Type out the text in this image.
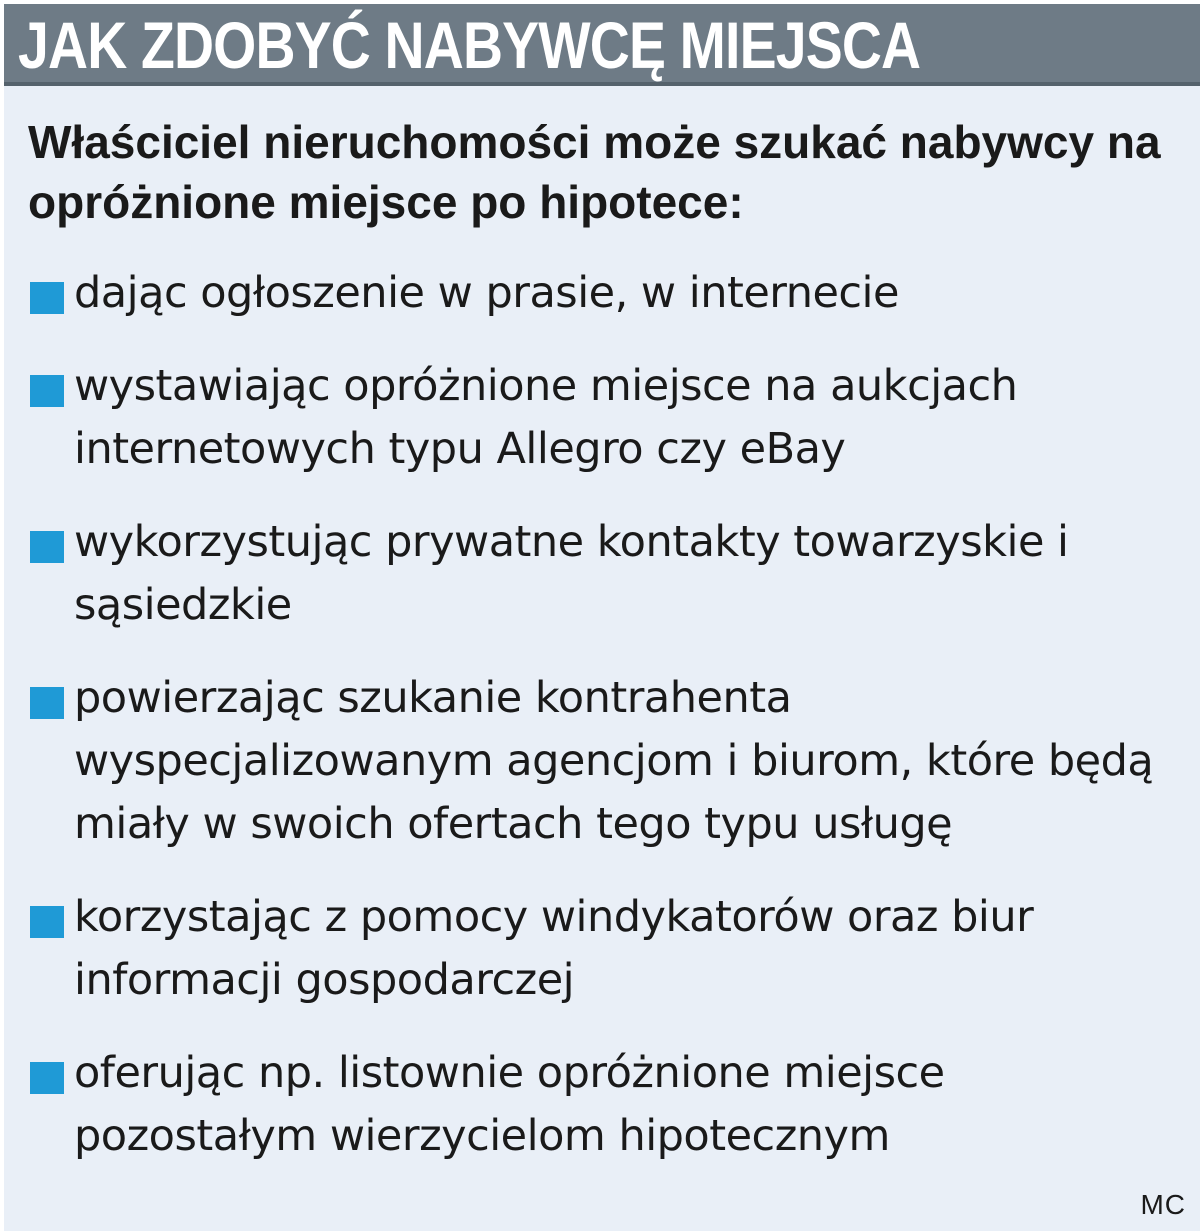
JAK ZDOBYĆ NABYWCĘ MIEJSCA

Właściciel nieruchomości może szukać nabywcy na opróżnione miejsce po hipotece:

dając ogłoszenie w prasie, w internecie
wystawiając opróżnione miejsce na aukcjach internetowych typu Allegro czy eBay
wykorzystując prywatne kontakty towarzyskie i sąsiedzkie
powierzając szukanie kontrahenta wyspecjalizowanym agencjom i biurom, które będą miały w swoich ofertach tego typu usługę
korzystając z pomocy windykatorów oraz biur informacji gospodarczej
oferując np. listownie opróżnione miejsce pozostałym wierzycielom hipotecznym
MC
